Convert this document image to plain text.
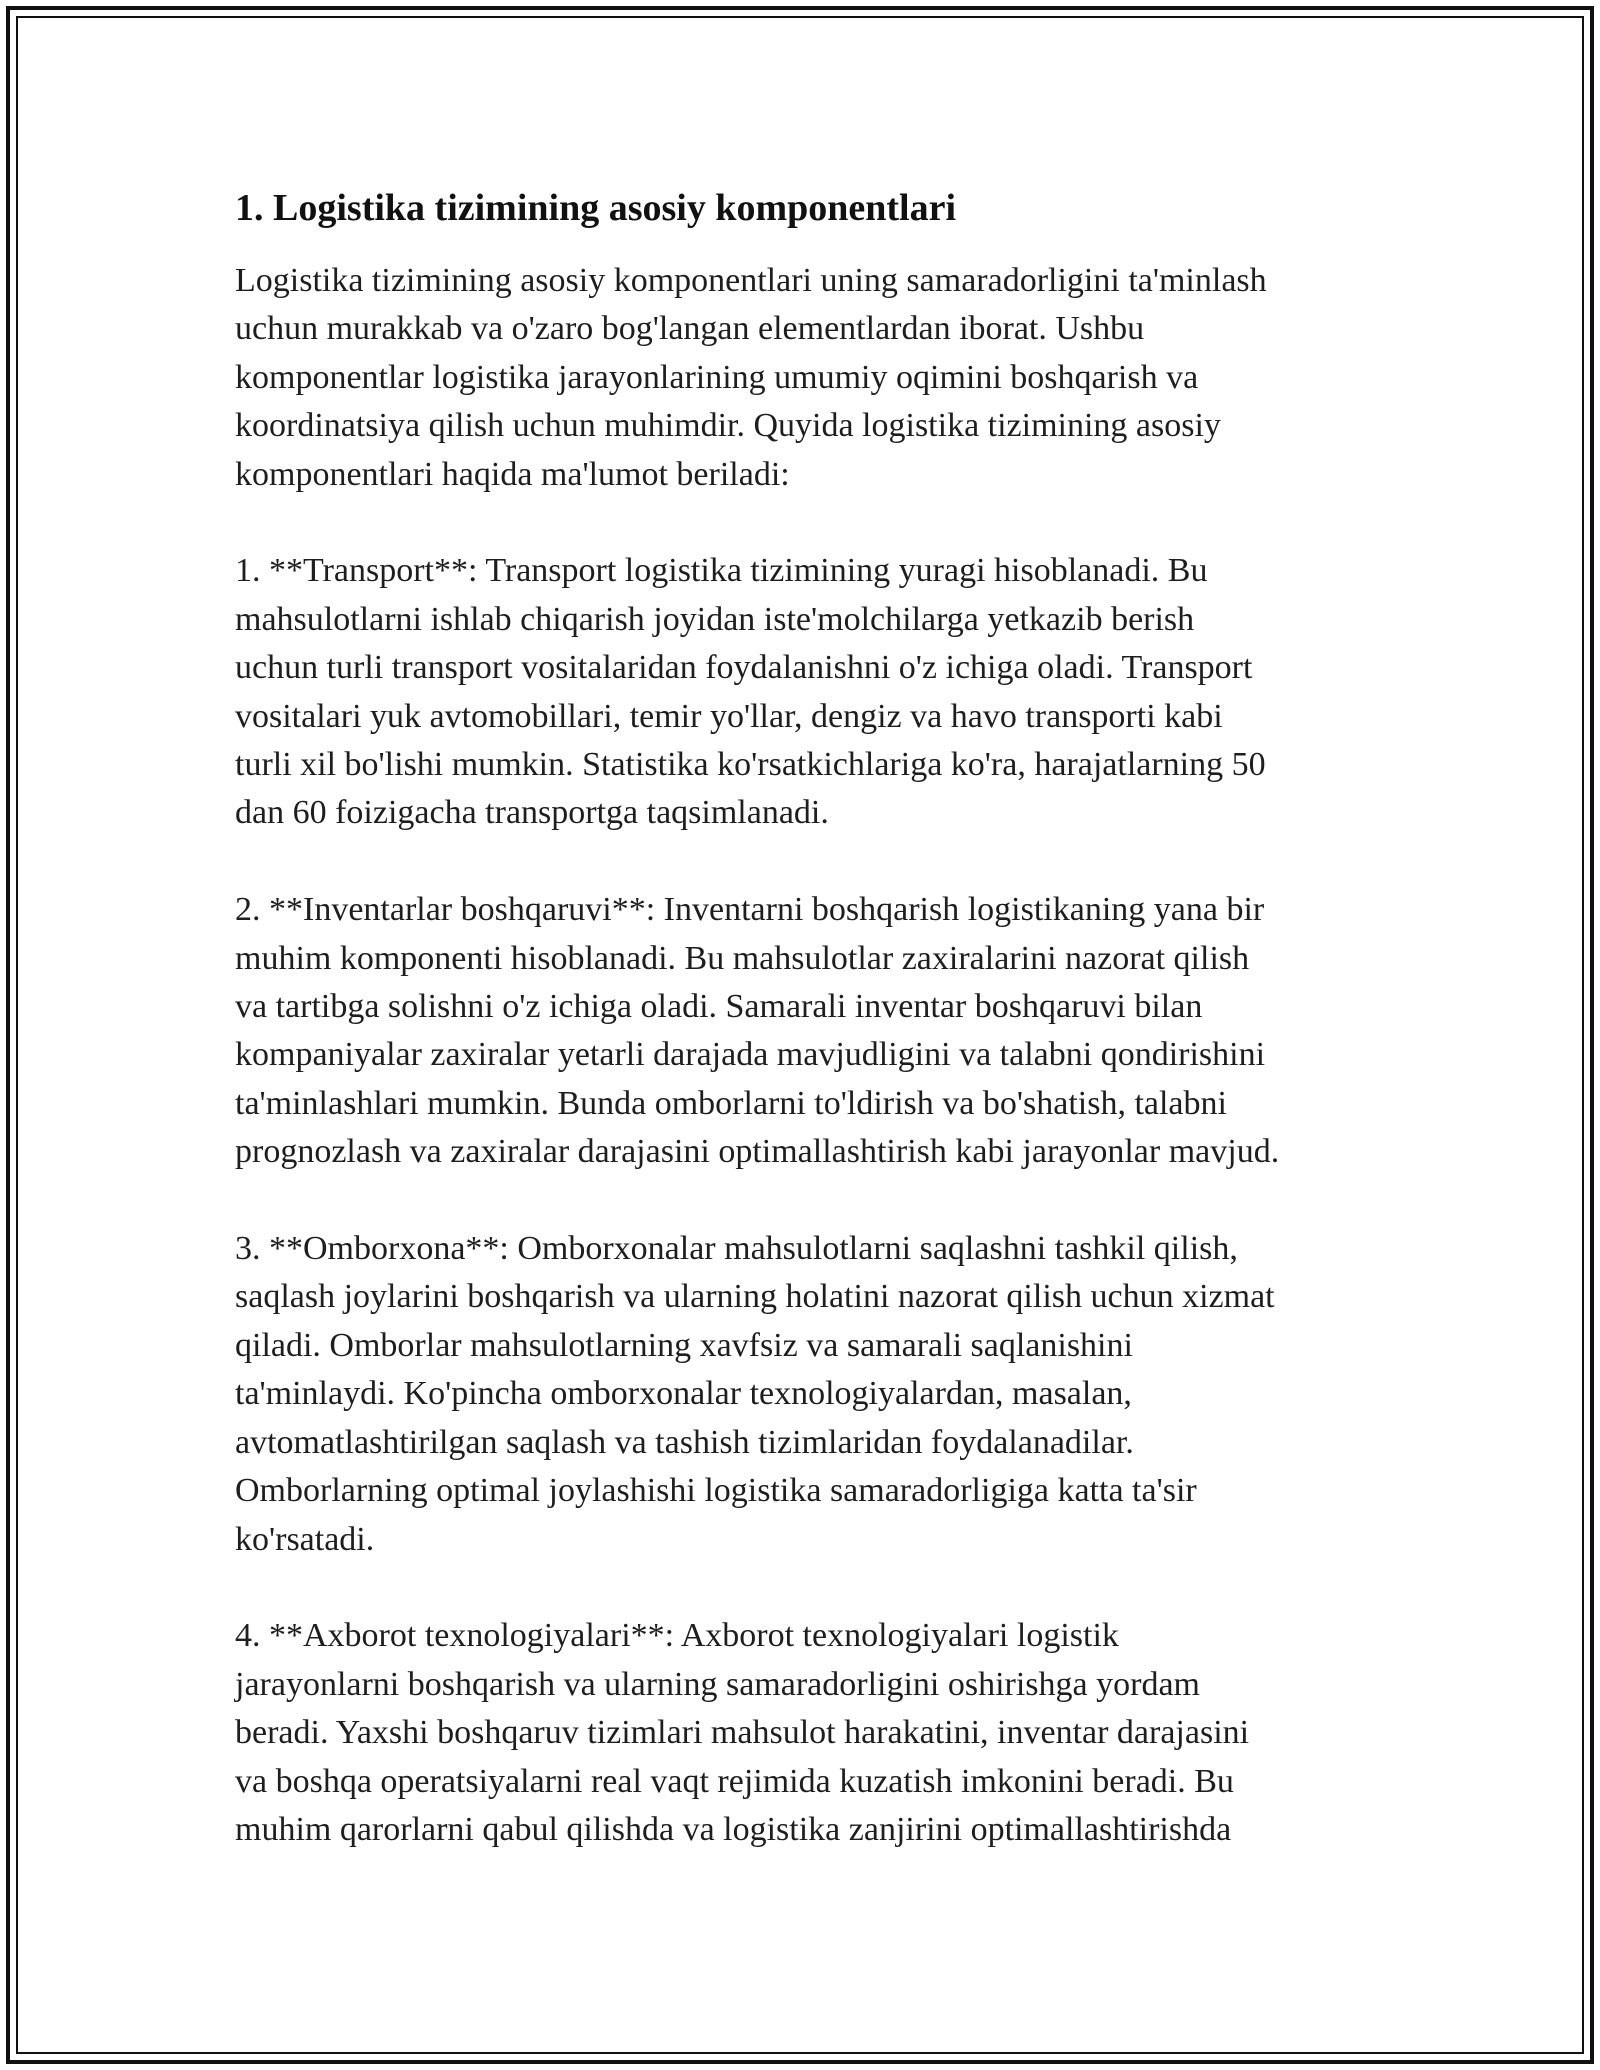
1. Logistika tizimining asosiy komponentlari

Logistika tizimining asosiy komponentlari uning samaradorligini ta'minlash
uchun murakkab va o'zaro bog'langan elementlardan iborat. Ushbu
komponentlar logistika jarayonlarining umumiy oqimini boshqarish va
koordinatsiya qilish uchun muhimdir. Quyida logistika tizimining asosiy
komponentlari haqida ma'lumot beriladi:

1. **Transport**: Transport logistika tizimining yuragi hisoblanadi. Bu
mahsulotlarni ishlab chiqarish joyidan iste'molchilarga yetkazib berish
uchun turli transport vositalaridan foydalanishni o'z ichiga oladi. Transport
vositalari yuk avtomobillari, temir yo'llar, dengiz va havo transporti kabi
turli xil bo'lishi mumkin. Statistika ko'rsatkichlariga ko'ra, harajatlarning 50
dan 60 foizigacha transportga taqsimlanadi.

2. **Inventarlar boshqaruvi**: Inventarni boshqarish logistikaning yana bir
muhim komponenti hisoblanadi. Bu mahsulotlar zaxiralarini nazorat qilish
va tartibga solishni o'z ichiga oladi. Samarali inventar boshqaruvi bilan
kompaniyalar zaxiralar yetarli darajada mavjudligini va talabni qondirishini
ta'minlashlari mumkin. Bunda omborlarni to'ldirish va bo'shatish, talabni
prognozlash va zaxiralar darajasini optimallashtirish kabi jarayonlar mavjud.

3. **Omborxona**: Omborxonalar mahsulotlarni saqlashni tashkil qilish,
saqlash joylarini boshqarish va ularning holatini nazorat qilish uchun xizmat
qiladi. Omborlar mahsulotlarning xavfsiz va samarali saqlanishini
ta'minlaydi. Ko'pincha omborxonalar texnologiyalardan, masalan,
avtomatlashtirilgan saqlash va tashish tizimlaridan foydalanadilar.
Omborlarning optimal joylashishi logistika samaradorligiga katta ta'sir
ko'rsatadi.

4. **Axborot texnologiyalari**: Axborot texnologiyalari logistik
jarayonlarni boshqarish va ularning samaradorligini oshirishga yordam
beradi. Yaxshi boshqaruv tizimlari mahsulot harakatini, inventar darajasini
va boshqa operatsiyalarni real vaqt rejimida kuzatish imkonini beradi. Bu
muhim qarorlarni qabul qilishda va logistika zanjirini optimallashtirishda
